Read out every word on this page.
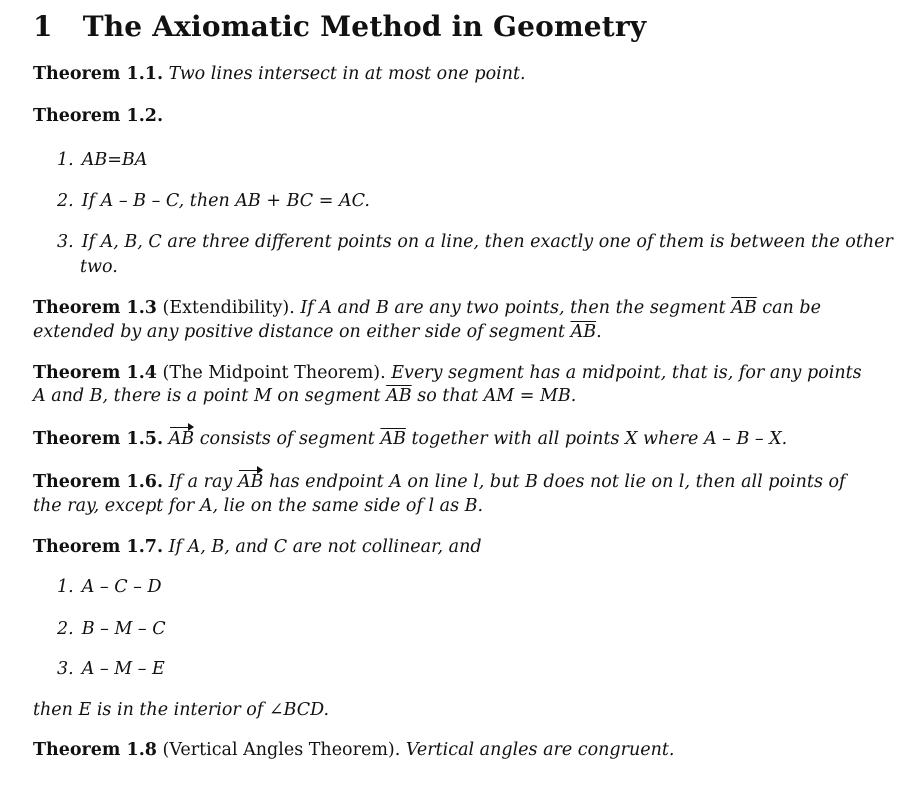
1 The Axiomatic Method in Geometry
Theorem 1.1. Two lines intersect in at most one point.
Theorem 1.2.
1. AB=BA
2. If A – B – C, then AB + BC = AC.
3. If A, B, C are three different points on a line, then exactly one of them is between the other
two.
Theorem 1.3 (Extendibility). If A and B are any two points, then the segment $\overline{AB}$ can be
extended by any positive distance on either side of segment $\overline{AB}$.
Theorem 1.4 (The Midpoint Theorem). Every segment has a midpoint, that is, for any points
A and B, there is a point M on segment $\overline{AB}$ so that AM = MB.
Theorem 1.5. AB consists of segment $\overline{AB}$ together with all points X where A – B – X.
Theorem 1.6. If a ray AB has endpoint A on line l, but B does not lie on l, then all points of
the ray, except for A, lie on the same side of l as B.
Theorem 1.7. If A, B, and C are not collinear, and
1. A – C – D
2. B – M – C
3. A – M – E
then E is in the interior of ∠BCD.
Theorem 1.8 (Vertical Angles Theorem). Vertical angles are congruent.
